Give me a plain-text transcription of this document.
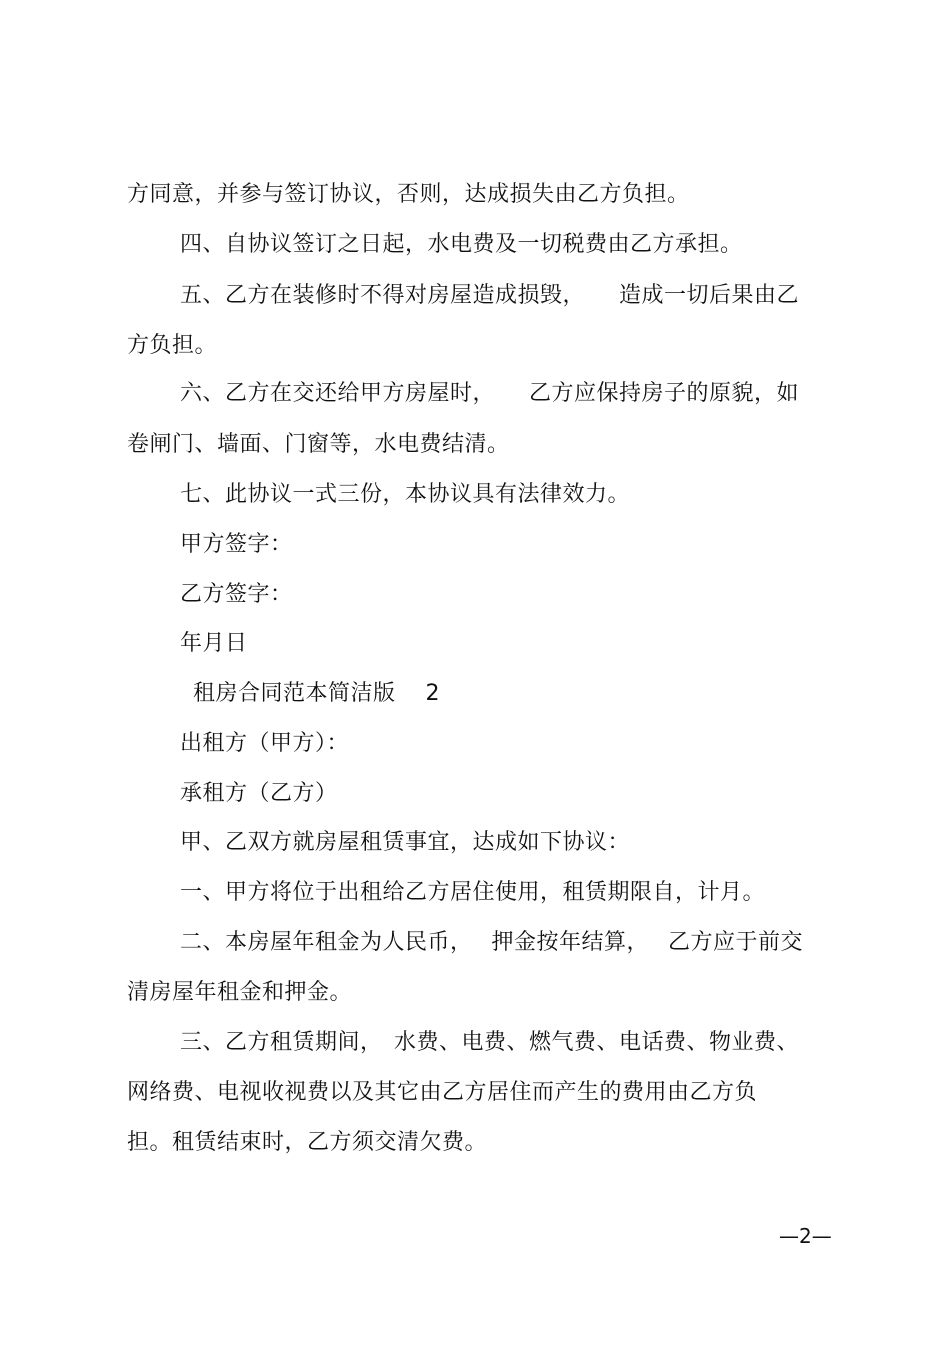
方同意，并参与签订协议，否则，达成损失由乙方负担。
四、自协议签订之日起，水电费及一切税费由乙方承担。
五、乙方在装修时不得对房屋造成损毁，　　造成一切后果由乙
方负担。
六、乙方在交还给甲方房屋时，　　乙方应保持房子的原貌，如
卷闸门、墙面、门窗等，水电费结清。
七、此协议一式三份，本协议具有法律效力。
甲方签字：
乙方签字：
年月日
租房合同范本简洁版　 2
出租方（甲方）：
承租方（乙方）
甲、乙双方就房屋租赁事宜，达成如下协议：
一、甲方将位于出租给乙方居住使用，租赁期限自，计月。
二、本房屋年租金为人民币，　 押金按年结算，　 乙方应于前交
清房屋年租金和押金。
三、乙方租赁期间，　水费、电费、燃气费、电话费、物业费、
网络费、电视收视费以及其它由乙方居住而产生的费用由乙方负
担。租赁结束时，乙方须交清欠费。
—2—
